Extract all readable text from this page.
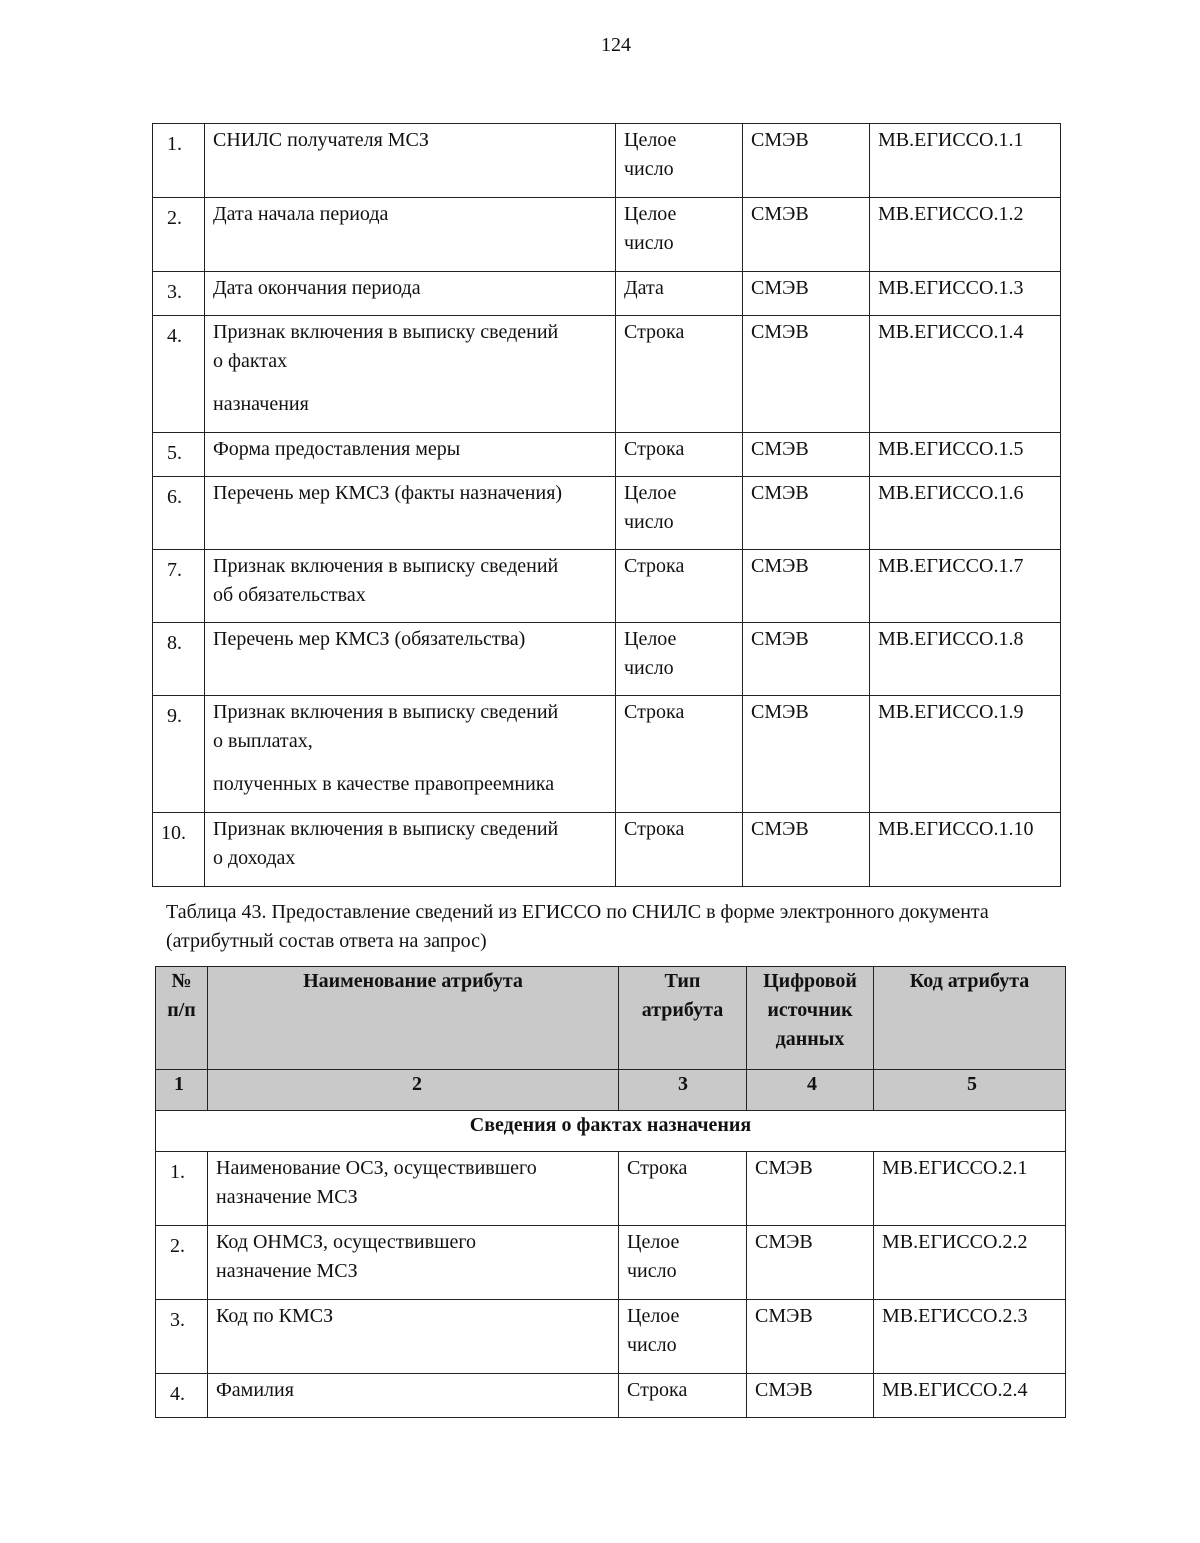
124
1.	СНИЛС получателя МСЗ	Целое
число	СМЭВ	МВ.ЕГИССО.1.1
2.	Дата начала периода	Целое
число	СМЭВ	МВ.ЕГИССО.1.2
3.	Дата окончания периода	Дата	СМЭВ	МВ.ЕГИССО.1.3
4.	Признак включения в выписку сведений
о фактах
назначения	Строка	СМЭВ	МВ.ЕГИССО.1.4
5.	Форма предоставления меры	Строка	СМЭВ	МВ.ЕГИССО.1.5
6.	Перечень мер КМСЗ (факты назначения)	Целое
число	СМЭВ	МВ.ЕГИССО.1.6
7.	Признак включения в выписку сведений
об обязательствах	Строка	СМЭВ	МВ.ЕГИССО.1.7
8.	Перечень мер КМСЗ (обязательства)	Целое
число	СМЭВ	МВ.ЕГИССО.1.8
9.	Признак включения в выписку сведений
о выплатах,
полученных в качестве правопреемника	Строка	СМЭВ	МВ.ЕГИССО.1.9
10.	Признак включения в выписку сведений
о доходах	Строка	СМЭВ	МВ.ЕГИССО.1.10
Таблица 43. Предоставление сведений из ЕГИССО по СНИЛС в форме электронного документа (атрибутный состав ответа на запрос)
№
п/п	Наименование атрибута	Тип
атрибута	Цифровой
источник
данных	Код атрибута
1	2	3	4	5
Сведения о фактах назначения				
1.	Наименование ОСЗ, осуществившего
назначение МСЗ	Строка	СМЭВ	МВ.ЕГИССО.2.1
2.	Код ОНМСЗ, осуществившего
назначение МСЗ	Целое
число	СМЭВ	МВ.ЕГИССО.2.2
3.	Код по КМСЗ	Целое
число	СМЭВ	МВ.ЕГИССО.2.3
4.	Фамилия	Строка	СМЭВ	МВ.ЕГИССО.2.4
